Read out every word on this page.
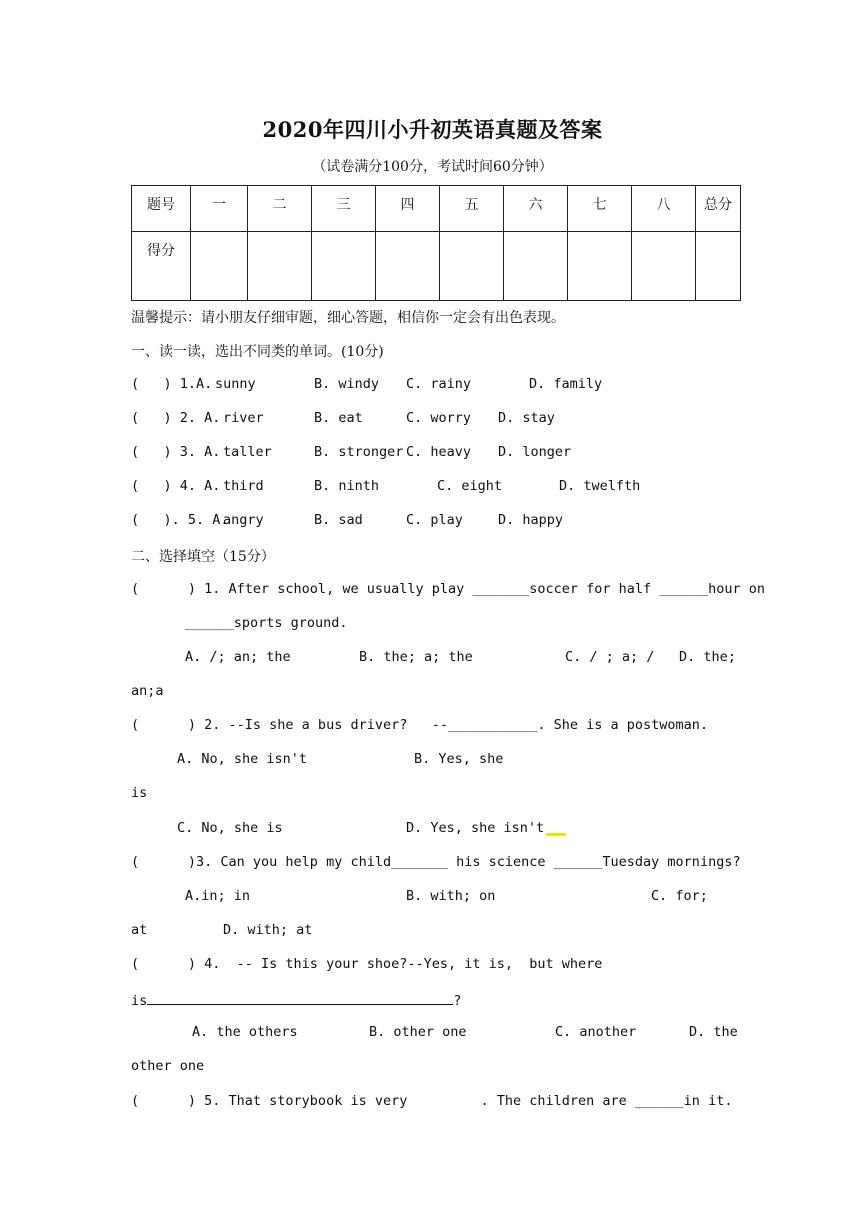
2020年四川小升初英语真题及答案
（试卷满分100分，考试时间60分钟）
题号	一	二	三	四	五	六	七	八	总分
得分									
温馨提示：请小朋友仔细审题，细心答题，相信你一定会有出色表现。
一、读一读，选出不同类的单词。(10分)
(   ) 1.A. sunny	B. windy C. rainy	D. family
(   ) 2. A. river	B. eat	C. worry D. stay
(   ) 3. A. taller	B. stronger C. heavy D. longer
(   ) 4. A. third	B. ninth	C. eight	D. twelfth
(   ). 5. A.
angry	B. sad	C. play	D. happy
二、选择填空（15分）
(      ) 1. After school, we usually play _______soccer for half ______hour on
______sports ground.
A. /; an; the	B. the; a; the	C. / ; a; / D. the;
an;a
(      ) 2. --Is she a bus driver?   --___________. She is a postwoman.
A. No, she isn't	B. Yes, she
is
C. No, she is	D. Yes, she isn't
(      )3. Can you help my child_______ his science ______Tuesday mornings?
A.in; in	B. with; on	C. for;
at	D. with; at
(      ) 4.  -- Is this your shoe?--Yes, it is,  but where
is	?
A. the others	B. other one	C. another	D. the
other one
(      ) 5. That storybook is very         . The children are ______in it.
